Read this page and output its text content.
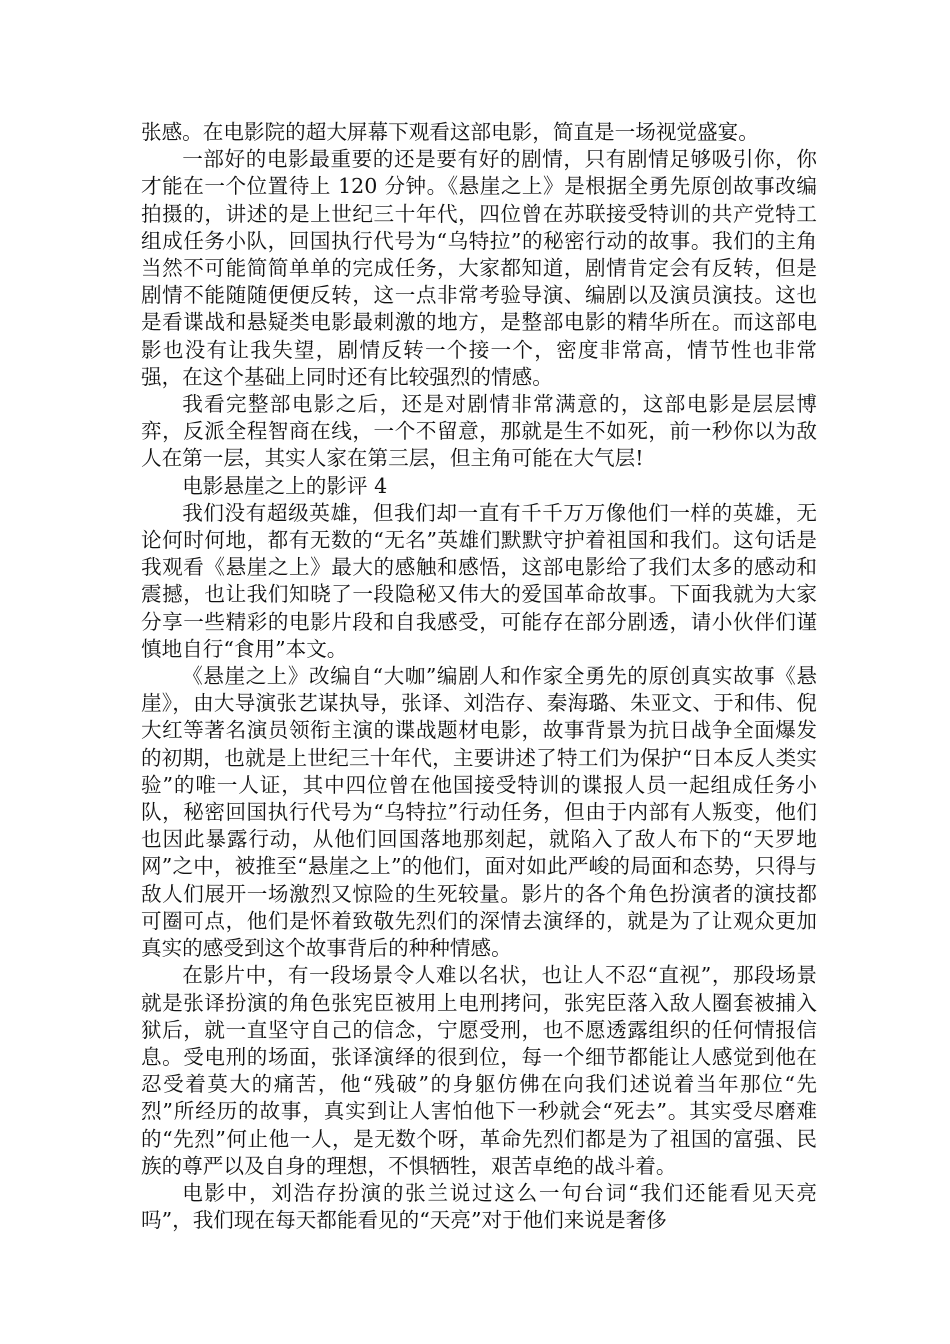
张感。在电影院的超大屏幕下观看这部电影，简直是一场视觉盛宴。

一部好的电影最重要的还是要有好的剧情，只有剧情足够吸引你，你才能在一个位置待上 120 分钟。《悬崖之上》是根据全勇先原创故事改编拍摄的，讲述的是上世纪三十年代，四位曾在苏联接受特训的共产党特工组成任务小队，回国执行代号为“乌特拉”的秘密行动的故事。我们的主角当然不可能简简单单的完成任务，大家都知道，剧情肯定会有反转，但是剧情不能随随便便反转，这一点非常考验导演、编剧以及演员演技。这也是看谍战和悬疑类电影最刺激的地方，是整部电影的精华所在。而这部电影也没有让我失望，剧情反转一个接一个，密度非常高，情节性也非常强，在这个基础上同时还有比较强烈的情感。

我看完整部电影之后，还是对剧情非常满意的，这部电影是层层博弈，反派全程智商在线，一个不留意，那就是生不如死，前一秒你以为敌人在第一层，其实人家在第三层，但主角可能在大气层!

电影悬崖之上的影评 4

我们没有超级英雄，但我们却一直有千千万万像他们一样的英雄，无论何时何地，都有无数的“无名”英雄们默默守护着祖国和我们。这句话是我观看《悬崖之上》最大的感触和感悟，这部电影给了我们太多的感动和震撼，也让我们知晓了一段隐秘又伟大的爱国革命故事。下面我就为大家分享一些精彩的电影片段和自我感受，可能存在部分剧透，请小伙伴们谨慎地自行“食用”本文。

《悬崖之上》改编自“大咖”编剧人和作家全勇先的原创真实故事《悬崖》，由大导演张艺谋执导，张译、刘浩存、秦海璐、朱亚文、于和伟、倪大红等著名演员领衔主演的谍战题材电影，故事背景为抗日战争全面爆发的初期，也就是上世纪三十年代，主要讲述了特工们为保护“日本反人类实验”的唯一人证，其中四位曾在他国接受特训的谍报人员一起组成任务小队，秘密回国执行代号为“乌特拉”行动任务，但由于内部有人叛变，他们也因此暴露行动，从他们回国落地那刻起，就陷入了敌人布下的“天罗地网”之中，被推至“悬崖之上”的他们，面对如此严峻的局面和态势，只得与敌人们展开一场激烈又惊险的生死较量。影片的各个角色扮演者的演技都可圈可点，他们是怀着致敬先烈们的深情去演绎的，就是为了让观众更加真实的感受到这个故事背后的种种情感。

在影片中，有一段场景令人难以名状，也让人不忍“直视”，那段场景就是张译扮演的角色张宪臣被用上电刑拷问，张宪臣落入敌人圈套被捕入狱后，就一直坚守自己的信念，宁愿受刑，也不愿透露组织的任何情报信息。受电刑的场面，张译演绎的很到位，每一个细节都能让人感觉到他在忍受着莫大的痛苦，他“残破”的身躯仿佛在向我们述说着当年那位“先烈”所经历的故事，真实到让人害怕他下一秒就会“死去”。其实受尽磨难的“先烈”何止他一人，是无数个呀，革命先烈们都是为了祖国的富强、民族的尊严以及自身的理想，不惧牺牲，艰苦卓绝的战斗着。

电影中，刘浩存扮演的张兰说过这么一句台词“我们还能看见天亮吗”，我们现在每天都能看见的“天亮”对于他们来说是奢侈
